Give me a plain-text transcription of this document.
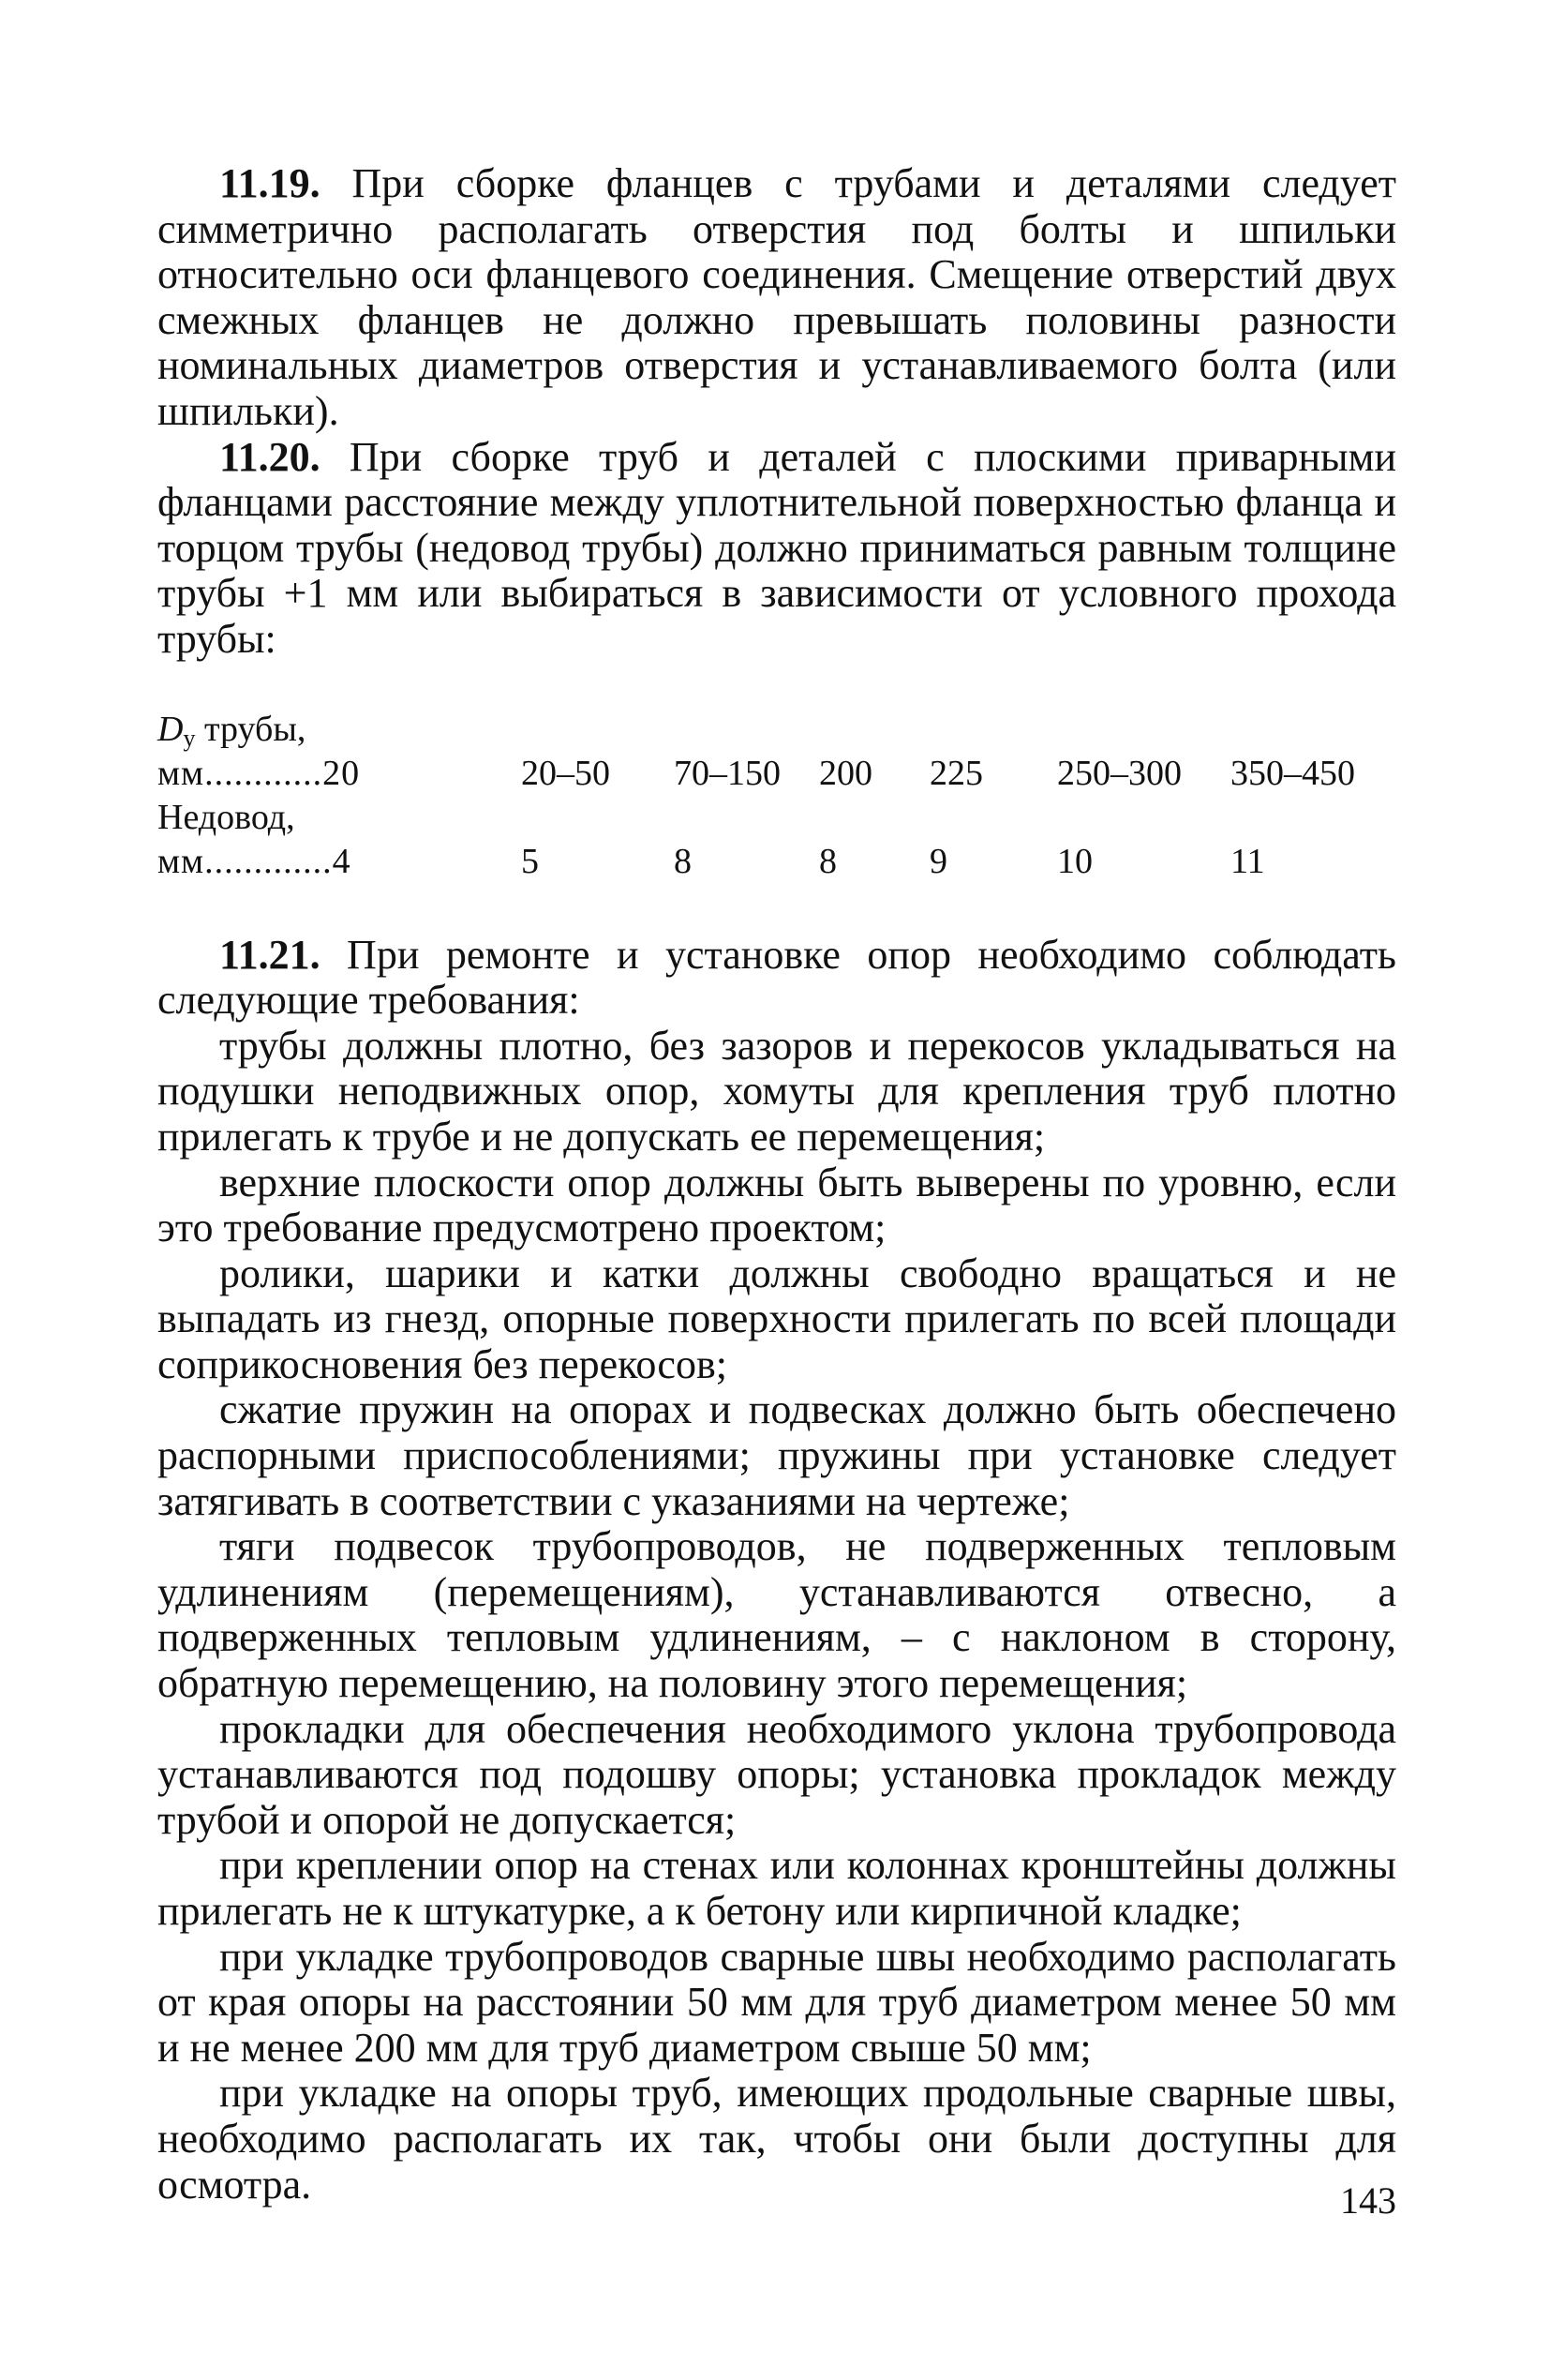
11.19. При сборке фланцев с трубами и деталями следует симметрично располагать отверстия под болты и шпильки относительно оси фланцевого соединения. Смещение отверстий двух смежных фланцев не должно превышать половины разности номинальных диаметров отверстия и устанавливаемого болта (или шпильки).

11.20. При сборке труб и деталей с плоскими приварными фланцами расстояние между уплотнительной поверхностью фланца и торцом трубы (недовод трубы) должно приниматься равным толщине трубы +1 мм или выбираться в зависимости от условного прохода трубы:

$D_у$ трубы,
мм............20	20–50 70–150 200 225 250–300 350–450
Недовод,
мм.............4	5	8	8	9	10	11

11.21. При ремонте и установке опор необходимо соблюдать следующие требования:

трубы должны плотно, без зазоров и перекосов укладываться на подушки неподвижных опор, хомуты для крепления труб плотно прилегать к трубе и не допускать ее перемещения;

верхние плоскости опор должны быть выверены по уровню, если это требование предусмотрено проектом;

ролики, шарики и катки должны свободно вращаться и не выпадать из гнезд, опорные поверхности прилегать по всей площади соприкосновения без перекосов;

сжатие пружин на опорах и подвесках должно быть обеспечено распорными приспособлениями; пружины при установке следует затягивать в соответствии с указаниями на чертеже;

тяги подвесок трубопроводов, не подверженных тепловым удлинениям (перемещениям), устанавливаются отвесно, а подверженных тепловым удлинениям, – с наклоном в сторону, обратную перемещению, на половину этого перемещения;

прокладки для обеспечения необходимого уклона трубопровода устанавливаются под подошву опоры; установка прокладок между трубой и опорой не допускается;

при креплении опор на стенах или колоннах кронштейны должны прилегать не к штукатурке, а к бетону или кирпичной кладке;

при укладке трубопроводов сварные швы необходимо располагать от края опоры на расстоянии 50 мм для труб диаметром менее 50 мм и не менее 200 мм для труб диаметром свыше 50 мм;

при укладке на опоры труб, имеющих продольные сварные швы, необходимо располагать их так, чтобы они были доступны для осмотра.	143
